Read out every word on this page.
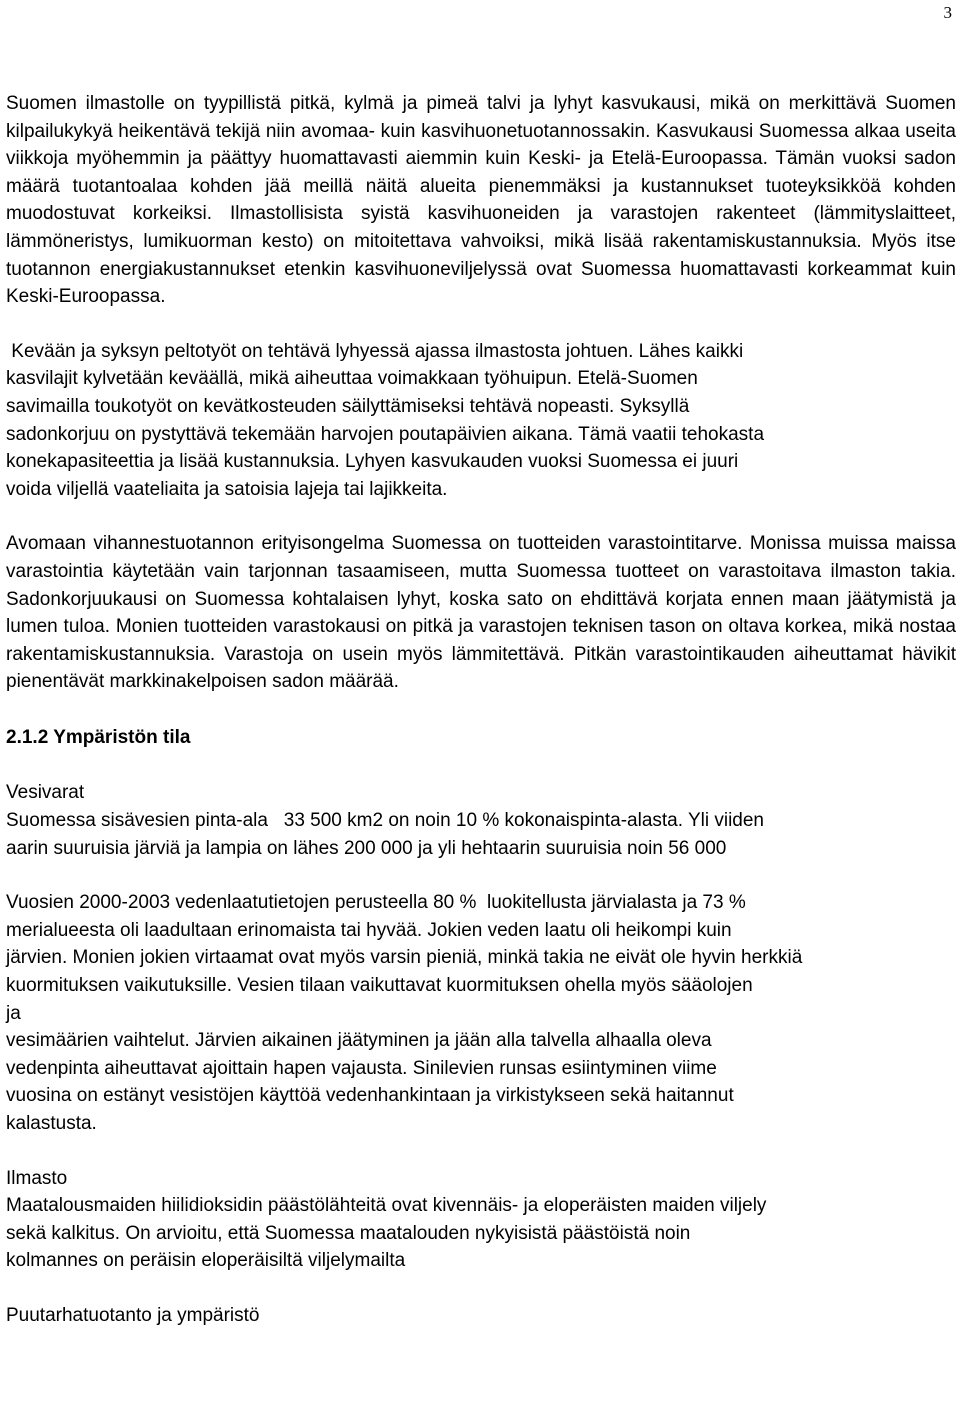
3

Suomen ilmastolle on tyypillistä pitkä, kylmä ja pimeä talvi ja lyhyt kasvukausi, mikä on merkittävä Suomen kilpailukykyä heikentävä tekijä niin avomaa- kuin kasvihuonetuotannossakin. Kasvukausi Suomessa alkaa useita viikkoja myöhemmin ja päättyy huomattavasti aiemmin kuin Keski- ja Etelä-Euroopassa. Tämän vuoksi sadon määrä tuotantoalaa kohden jää meillä näitä alueita pienemmäksi ja kustannukset tuoteyksikköä kohden muodostuvat korkeiksi. Ilmastollisista syistä kasvihuoneiden ja varastojen rakenteet (lämmityslaitteet, lämmöneristys, lumikuorman kesto) on mitoitettava vahvoiksi, mikä lisää rakentamiskustannuksia. Myös itse tuotannon energiakustannukset etenkin kasvihuoneviljelyssä ovat Suomessa huomattavasti korkeammat kuin Keski-Euroopassa.

Kevään ja syksyn peltotyöt on tehtävä lyhyessä ajassa ilmastosta johtuen. Lähes kaikki
kasvilajit kylvetään keväällä, mikä aiheuttaa voimakkaan työhuipun. Etelä-Suomen
savimailla toukotyöt on kevätkosteuden säilyttämiseksi tehtävä nopeasti. Syksyllä
sadonkorjuu on pystyttävä tekemään harvojen poutapäivien aikana. Tämä vaatii tehokasta
konekapasiteettia ja lisää kustannuksia. Lyhyen kasvukauden vuoksi Suomessa ei juuri
voida viljellä vaateliaita ja satoisia lajeja tai lajikkeita.

Avomaan vihannestuotannon erityisongelma Suomessa on tuotteiden varastointitarve. Monissa muissa maissa varastointia käytetään vain tarjonnan tasaamiseen, mutta Suomessa tuotteet on varastoitava ilmaston takia. Sadonkorjuukausi on Suomessa kohtalaisen lyhyt, koska sato on ehdittävä korjata ennen maan jäätymistä ja lumen tuloa. Monien tuotteiden varastokausi on pitkä ja varastojen teknisen tason on oltava korkea, mikä nostaa rakentamiskustannuksia. Varastoja on usein myös lämmitettävä. Pitkän varastointikauden aiheuttamat hävikit pienentävät markkinakelpoisen sadon määrää.

2.1.2 Ympäristön tila

Vesivarat

Suomessa sisävesien pinta-ala   33 500 km2 on noin 10 % kokonaispinta-alasta. Yli viiden
aarin suuruisia järviä ja lampia on lähes 200 000 ja yli hehtaarin suuruisia noin 56 000

Vuosien 2000-2003 vedenlaatutietojen perusteella 80 %  luokitellusta järvialasta ja 73 %
merialueesta oli laadultaan erinomaista tai hyvää. Jokien veden laatu oli heikompi kuin
järvien. Monien jokien virtaamat ovat myös varsin pieniä, minkä takia ne eivät ole hyvin herkkiä
kuormituksen vaikutuksille. Vesien tilaan vaikuttavat kuormituksen ohella myös sääolojen
ja
vesimäärien vaihtelut. Järvien aikainen jäätyminen ja jään alla talvella alhaalla oleva
vedenpinta aiheuttavat ajoittain hapen vajausta. Sinilevien runsas esiintyminen viime
vuosina on estänyt vesistöjen käyttöä vedenhankintaan ja virkistykseen sekä haitannut
kalastusta.

Ilmasto

Maatalousmaiden hiilidioksidin päästölähteitä ovat kivennäis- ja eloperäisten maiden viljely
sekä kalkitus. On arvioitu, että Suomessa maatalouden nykyisistä päästöistä noin
kolmannes on peräisin eloperäisiltä viljelymailta

Puutarhatuotanto ja ympäristö
